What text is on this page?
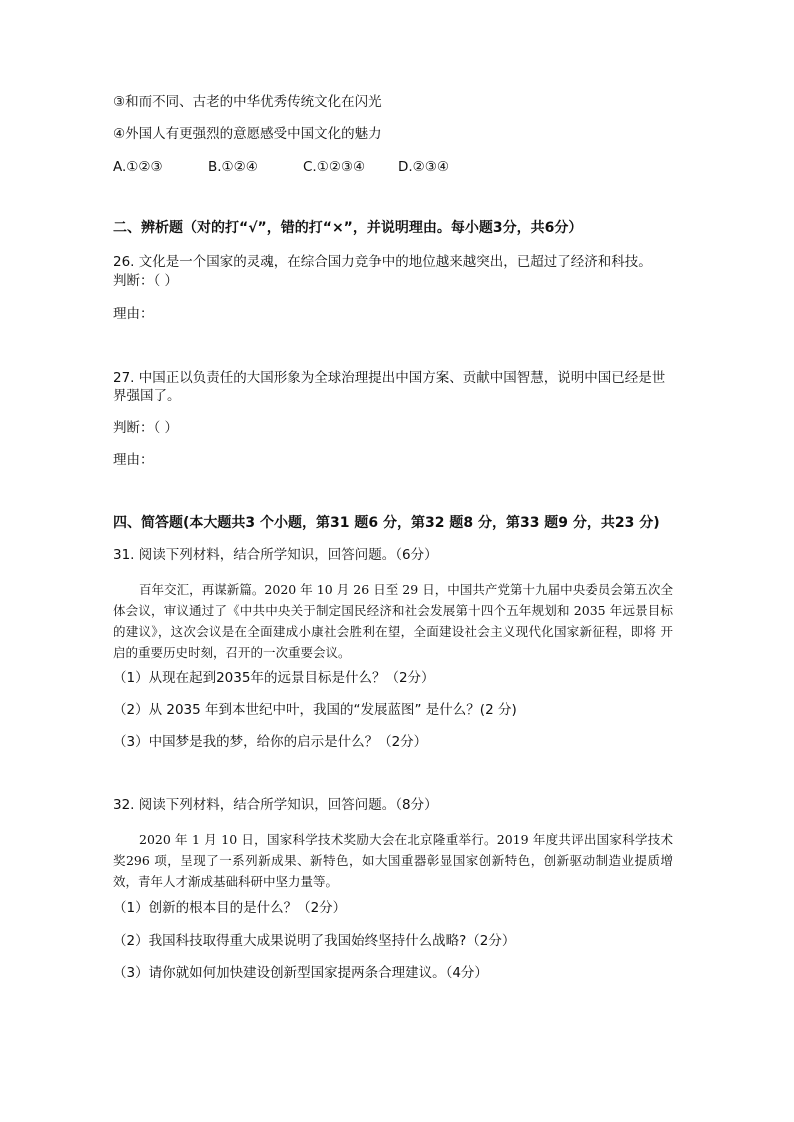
③和而不同、古老的中华优秀传统文化在闪光
④外国人有更强烈的意愿感受中国文化的魅力
A.①②③	B.①②④	C.①②③④	D.②③④
二、辨析题（对的打“√”，错的打“×”，并说明理由。每小题3分，共6分）
26. 文化是一个国家的灵魂，在综合国力竞争中的地位越来越突出，已超过了经济和科技。
判断：（ ）
理由：
27. 中国正以负责任的大国形象为全球治理提出中国方案、贡献中国智慧，说明中国已经是世 界强国了。
判断：（ ）
理由：
四、简答题(本大题共3 个小题，第31 题6 分，第32 题8 分，第33 题9 分，共23 分)
31. 阅读下列材料，结合所学知识，回答问题。（6分）
百年交汇，再谋新篇。2020 年 10 月 26 日至 29 日，中国共产党第十九届中央委员会第五次全体会议，审议通过了《中共中央关于制定国民经济和社会发展第十四个五年规划和 2035 年远景目标 的建议》，这次会议是在全面建成小康社会胜利在望，全面建设社会主义现代化国家新征程，即将 开启的重要历史时刻，召开的一次重要会议。
（1）从现在起到2035年的远景目标是什么？（2分）
（2）从 2035 年到本世纪中叶，我国的“发展蓝图” 是什么？(2 分)
（3）中国梦是我的梦，给你的启示是什么？（2分）
32. 阅读下列材料，结合所学知识，回答问题。（8分）
2020 年 1 月 10 日，国家科学技术奖励大会在北京隆重举行。2019 年度共评出国家科学技术奖296 项，呈现了一系列新成果、新特色，如大国重器彰显国家创新特色，创新驱动制造业提质增效，青年人才渐成基础科研中坚力量等。
（1）创新的根本目的是什么？（2分）
（2）我国科技取得重大成果说明了我国始终坚持什么战略?（2分）
（3）请你就如何加快建设创新型国家提两条合理建议。（4分）
